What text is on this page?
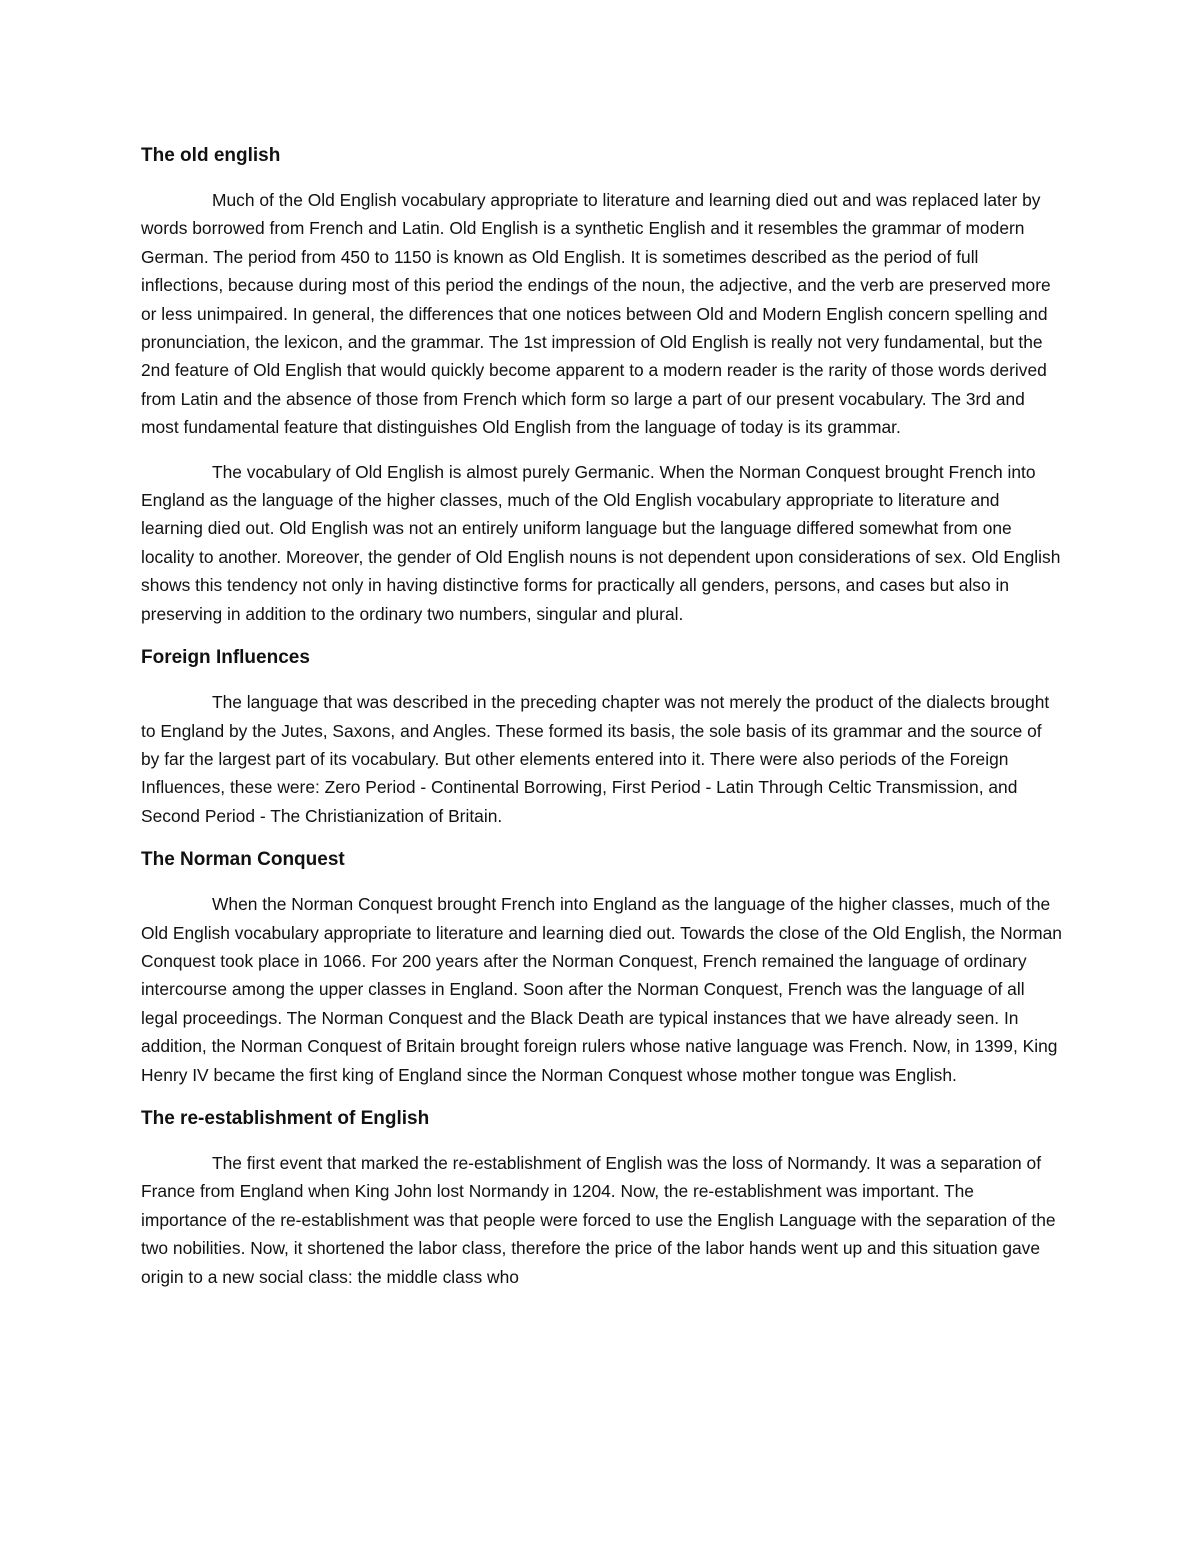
The old english

Much of the Old English vocabulary appropriate to literature and learning died out and was replaced later by words borrowed from French and Latin. Old English is a synthetic English and it resembles the grammar of modern German. The period from 450 to 1150 is known as Old English. It is sometimes described as the period of full inflections, because during most of this period the endings of the noun, the adjective, and the verb are preserved more or less unimpaired. In general, the differences that one notices between Old and Modern English concern spelling and pronunciation, the lexicon, and the grammar. The 1st impression of Old English is really not very fundamental, but the 2nd feature of Old English that would quickly become apparent to a modern reader is the rarity of those words derived from Latin and the absence of those from French which form so large a part of our present vocabulary. The 3rd and most fundamental feature that distinguishes Old English from the language of today is its grammar.

The vocabulary of Old English is almost purely Germanic. When the Norman Conquest brought French into England as the language of the higher classes, much of the Old English vocabulary appropriate to literature and learning died out. Old English was not an entirely uniform language but the language differed somewhat from one locality to another. Moreover, the gender of Old English nouns is not dependent upon considerations of sex. Old English shows this tendency not only in having distinctive forms for practically all genders, persons, and cases but also in preserving in addition to the ordinary two numbers, singular and plural.

Foreign Influences

The language that was described in the preceding chapter was not merely the product of the dialects brought to England by the Jutes, Saxons, and Angles. These formed its basis, the sole basis of its grammar and the source of by far the largest part of its vocabulary. But other elements entered into it. There were also periods of the Foreign Influences, these were: Zero Period - Continental Borrowing, First Period - Latin Through Celtic Transmission, and Second Period - The Christianization of Britain.

The Norman Conquest

When the Norman Conquest brought French into England as the language of the higher classes, much of the Old English vocabulary appropriate to literature and learning died out. Towards the close of the Old English, the Norman Conquest took place in 1066. For 200 years after the Norman Conquest, French remained the language of ordinary intercourse among the upper classes in England. Soon after the Norman Conquest, French was the language of all legal proceedings. The Norman Conquest and the Black Death are typical instances that we have already seen. In addition, the Norman Conquest of Britain brought foreign rulers whose native language was French. Now, in 1399, King Henry IV became the first king of England since the Norman Conquest whose mother tongue was English.

The re-establishment of English

The first event that marked the re-establishment of English was the loss of Normandy. It was a separation of France from England when King John lost Normandy in 1204. Now, the re-establishment was important. The importance of the re-establishment was that people were forced to use the English Language with the separation of the two nobilities. Now, it shortened the labor class, therefore the price of the labor hands went up and this situation gave origin to a new social class: the middle class who
